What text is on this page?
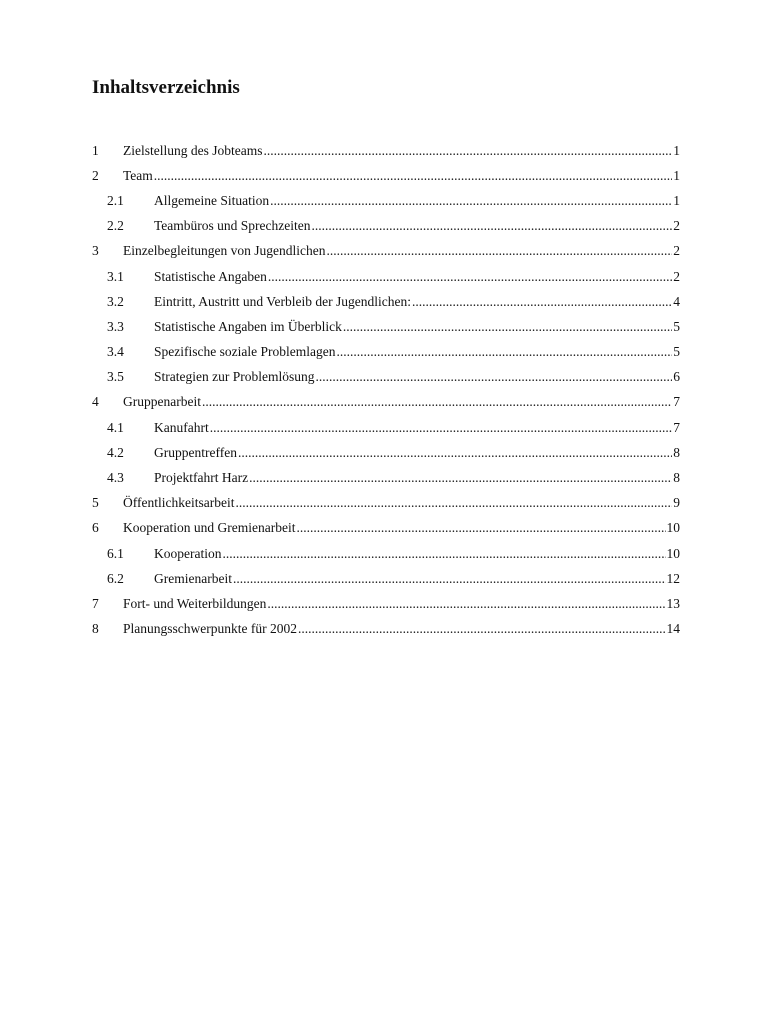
Inhaltsverzeichnis
1	Zielstellung des Jobteams .....	1
2	Team .....	1
2.1	Allgemeine Situation .....	1
2.2	Teambüros und Sprechzeiten .....	2
3	Einzelbegleitungen von Jugendlichen .....	2
3.1	Statistische Angaben .....	2
3.2	Eintritt, Austritt und Verbleib der Jugendlichen: .....	4
3.3	Statistische Angaben im Überblick .....	5
3.4	Spezifische soziale Problemlagen .....	5
3.5	Strategien zur Problemlösung .....	6
4	Gruppenarbeit .....	7
4.1	Kanufahrt .....	7
4.2	Gruppentreffen .....	8
4.3	Projektfahrt Harz .....	8
5	Öffentlichkeitsarbeit .....	9
6	Kooperation und Gremienarbeit .....	10
6.1	Kooperation .....	10
6.2	Gremienarbeit .....	12
7	Fort- und Weiterbildungen .....	13
8	Planungsschwerpunkte für 2002 .....	14
